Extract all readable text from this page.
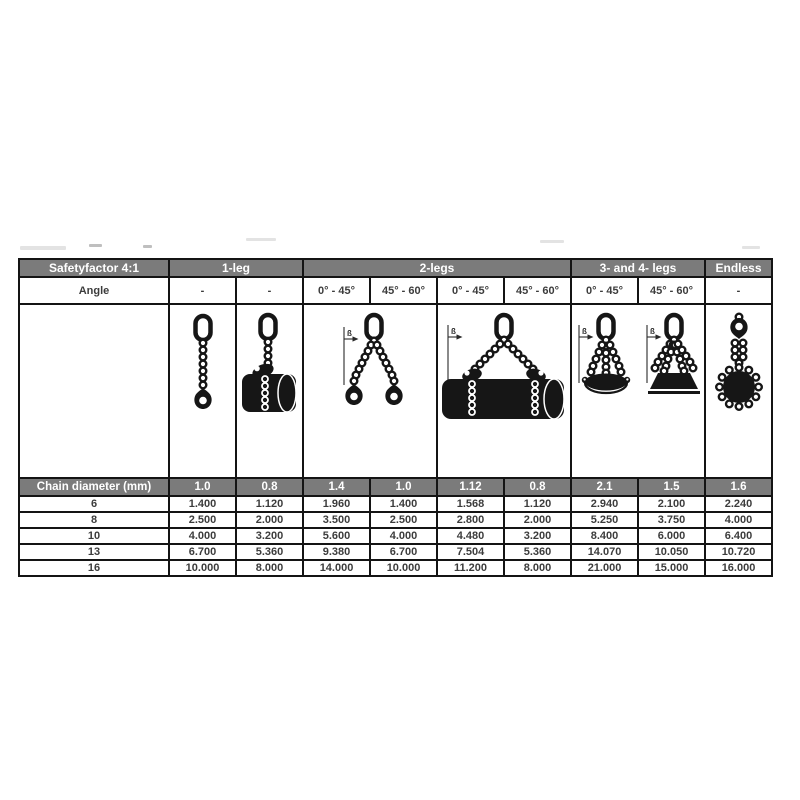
Safetyfactor 4:1	1-leg		2-legs				3- and 4- legs		Endless
Angle	-	-	0° - 45°	45° - 60°	0° - 45°	45° - 60°	0° - 45°	45° - 60°	-

Chain diameter (mm)	1.0	0.8	1.4	1.0	1.12	0.8	2.1	1.5	1.6
6	1.400	1.120	1.960	1.400	1.568	1.120	2.940	2.100	2.240
8	2.500	2.000	3.500	2.500	2.800	2.000	5.250	3.750	4.000
10	4.000	3.200	5.600	4.000	4.480	3.200	8.400	6.000	6.400
13	6.700	5.360	9.380	6.700	7.504	5.360	14.070	10.050	10.720
16	10.000	8.000	14.000	10.000	11.200	8.000	21.000	15.000	16.000
